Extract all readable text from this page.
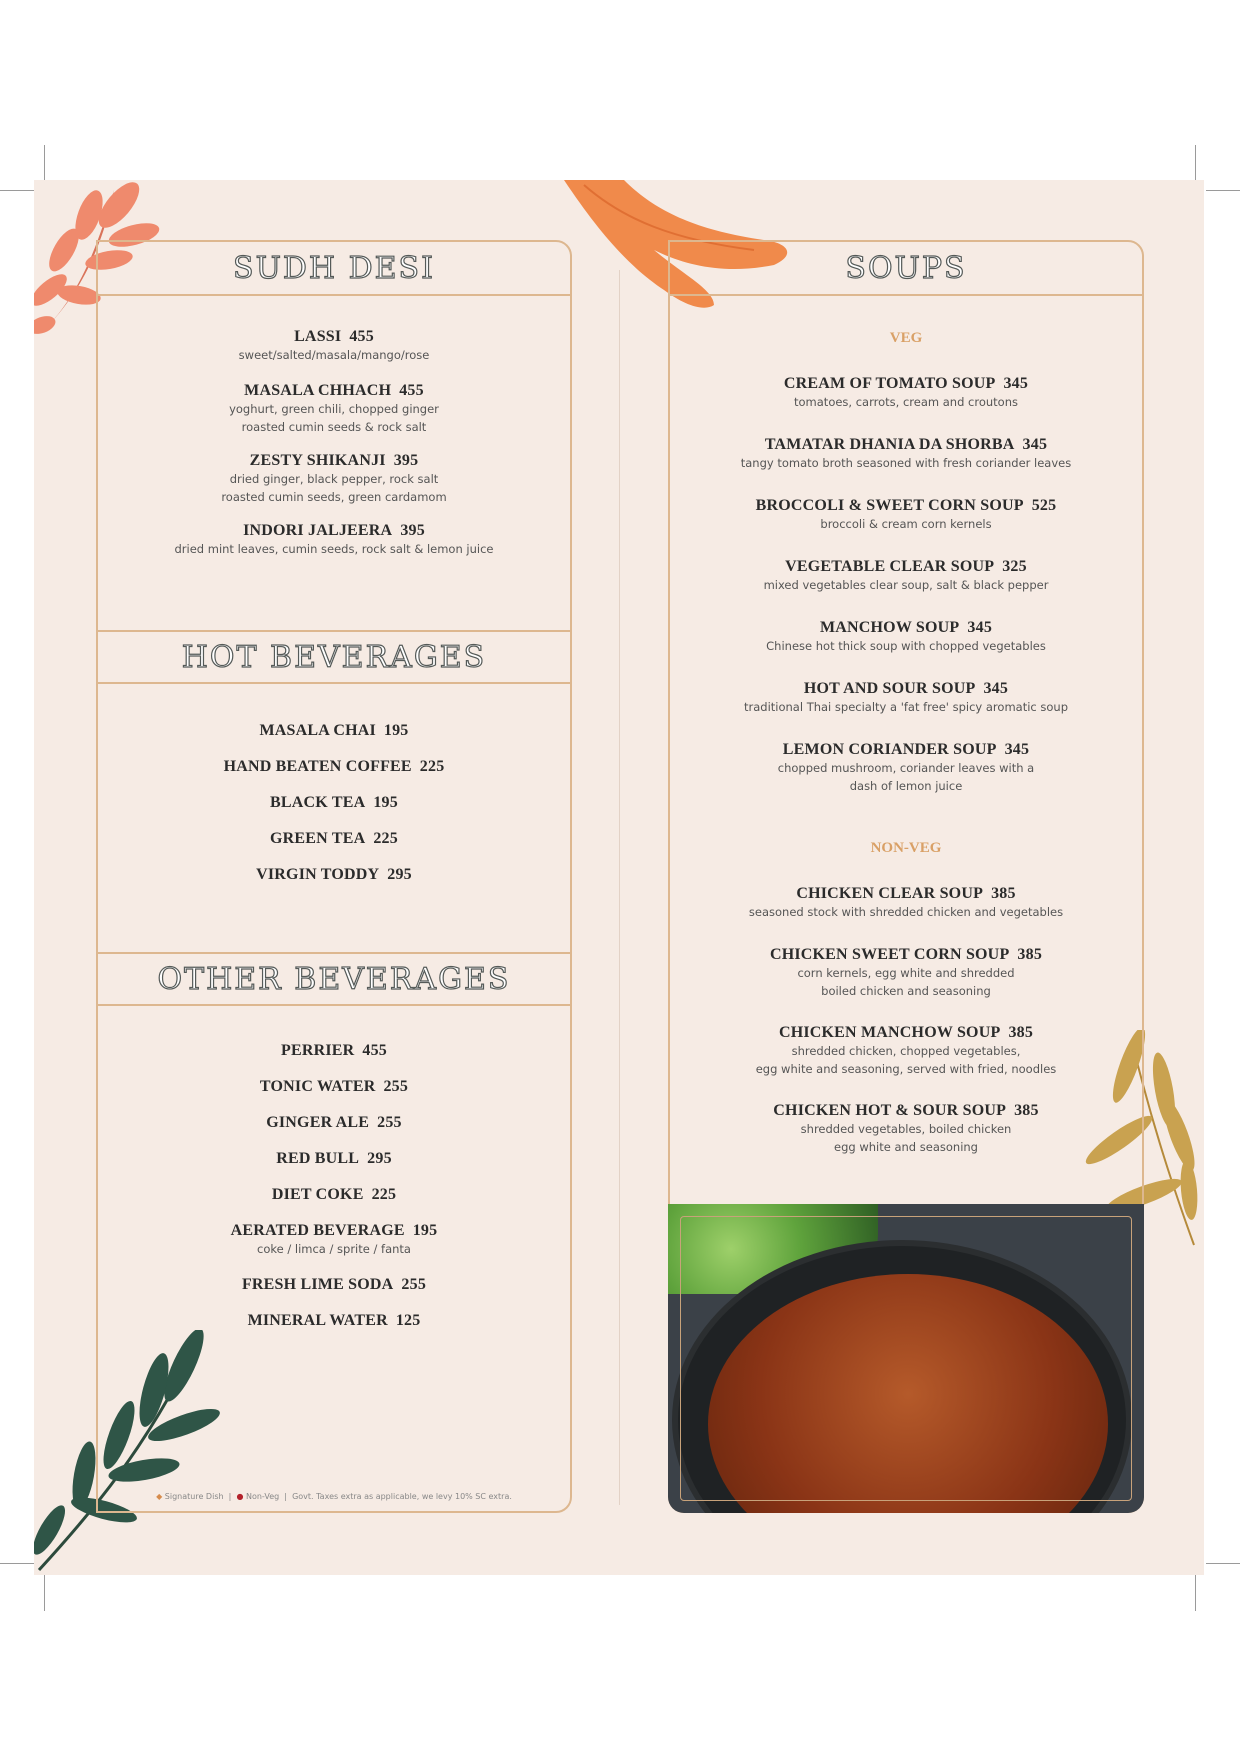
SUDH DESI
LASSI 455
sweet/salted/masala/mango/rose
MASALA CHHACH 455
yoghurt, green chili, chopped ginger
roasted cumin seeds & rock salt
ZESTY SHIKANJI 395
dried ginger, black pepper, rock salt
roasted cumin seeds, green cardamom
INDORI JALJEERA 395
dried mint leaves, cumin seeds, rock salt & lemon juice
HOT BEVERAGES
MASALA CHAI 195
HAND BEATEN COFFEE 225
BLACK TEA 195
GREEN TEA 225
VIRGIN TODDY 295
OTHER BEVERAGES
PERRIER 455
TONIC WATER 255
GINGER ALE 255
RED BULL 295
DIET COKE 225
AERATED BEVERAGE 195
coke / limca / sprite / fanta
FRESH LIME SODA 255
MINERAL WATER 125
◆ Signature Dish  |  ● Non-Veg  |  Govt. Taxes extra as applicable, we levy 10% SC extra.
SOUPS
VEG
CREAM OF TOMATO SOUP 345
tomatoes, carrots, cream and croutons
TAMATAR DHANIA DA SHORBA 345
tangy tomato broth seasoned with fresh coriander leaves
BROCCOLI & SWEET CORN SOUP 525
broccoli & cream corn kernels
VEGETABLE CLEAR SOUP 325
mixed vegetables clear soup, salt & black pepper
MANCHOW SOUP 345
Chinese hot thick soup with chopped vegetables
HOT AND SOUR SOUP 345
traditional Thai specialty a 'fat free' spicy aromatic soup
LEMON CORIANDER SOUP 345
chopped mushroom, coriander leaves with a
dash of lemon juice
NON-VEG
CHICKEN CLEAR SOUP 385
seasoned stock with shredded chicken and vegetables
CHICKEN SWEET CORN SOUP 385
corn kernels, egg white and shredded
boiled chicken and seasoning
CHICKEN MANCHOW SOUP 385
shredded chicken, chopped vegetables,
egg white and seasoning, served with fried, noodles
CHICKEN HOT & SOUR SOUP 385
shredded vegetables, boiled chicken
egg white and seasoning
